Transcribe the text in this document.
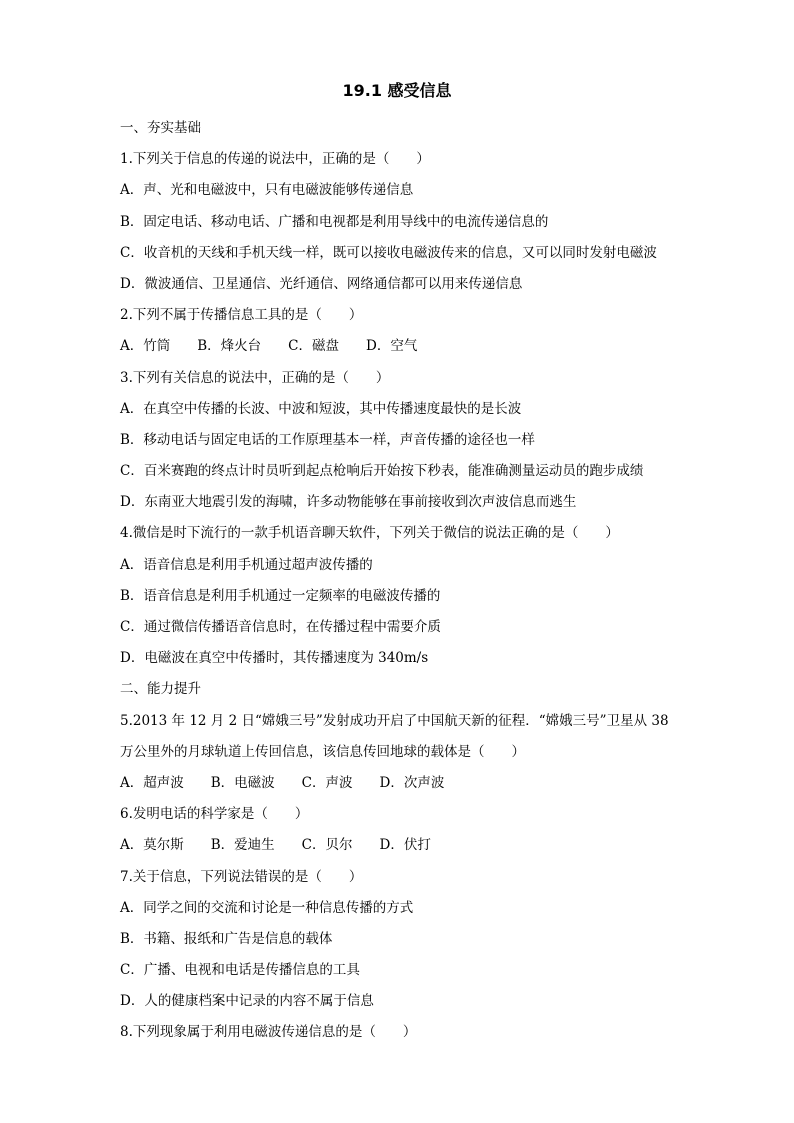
19.1 感受信息
一、夯实基础
1.下列关于信息的传递的说法中，正确的是（　　）
A．声、光和电磁波中，只有电磁波能够传递信息
B．固定电话、移动电话、广播和电视都是利用导线中的电流传递信息的
C．收音机的天线和手机天线一样，既可以接收电磁波传来的信息，又可以同时发射电磁波
D．微波通信、卫星通信、光纤通信、网络通信都可以用来传递信息
2.下列不属于传播信息工具的是（　　）
A．竹筒　　B．烽火台　　C．磁盘　　D．空气
3.下列有关信息的说法中，正确的是（　　）
A．在真空中传播的长波、中波和短波，其中传播速度最快的是长波
B．移动电话与固定电话的工作原理基本一样，声音传播的途径也一样
C．百米赛跑的终点计时员听到起点枪响后开始按下秒表，能准确测量运动员的跑步成绩
D．东南亚大地震引发的海啸，许多动物能够在事前接收到次声波信息而逃生
4.微信是时下流行的一款手机语音聊天软件，下列关于微信的说法正确的是（　　）
A．语音信息是利用手机通过超声波传播的
B．语音信息是利用手机通过一定频率的电磁波传播的
C．通过微信传播语音信息时，在传播过程中需要介质
D．电磁波在真空中传播时，其传播速度为 340m/s
二、能力提升
5.2013 年 12 月 2 日“嫦娥三号”发射成功开启了中国航天新的征程．“嫦娥三号”卫星从 38
万公里外的月球轨道上传回信息，该信息传回地球的载体是（　　）
A．超声波　　B．电磁波　　C．声波　　D．次声波
6.发明电话的科学家是（　　）
A．莫尔斯　　B．爱迪生　　C．贝尔　　D．伏打
7.关于信息，下列说法错误的是（　　）
A．同学之间的交流和讨论是一种信息传播的方式
B．书籍、报纸和广告是信息的载体
C．广播、电视和电话是传播信息的工具
D．人的健康档案中记录的内容不属于信息
8.下列现象属于利用电磁波传递信息的是（　　）
